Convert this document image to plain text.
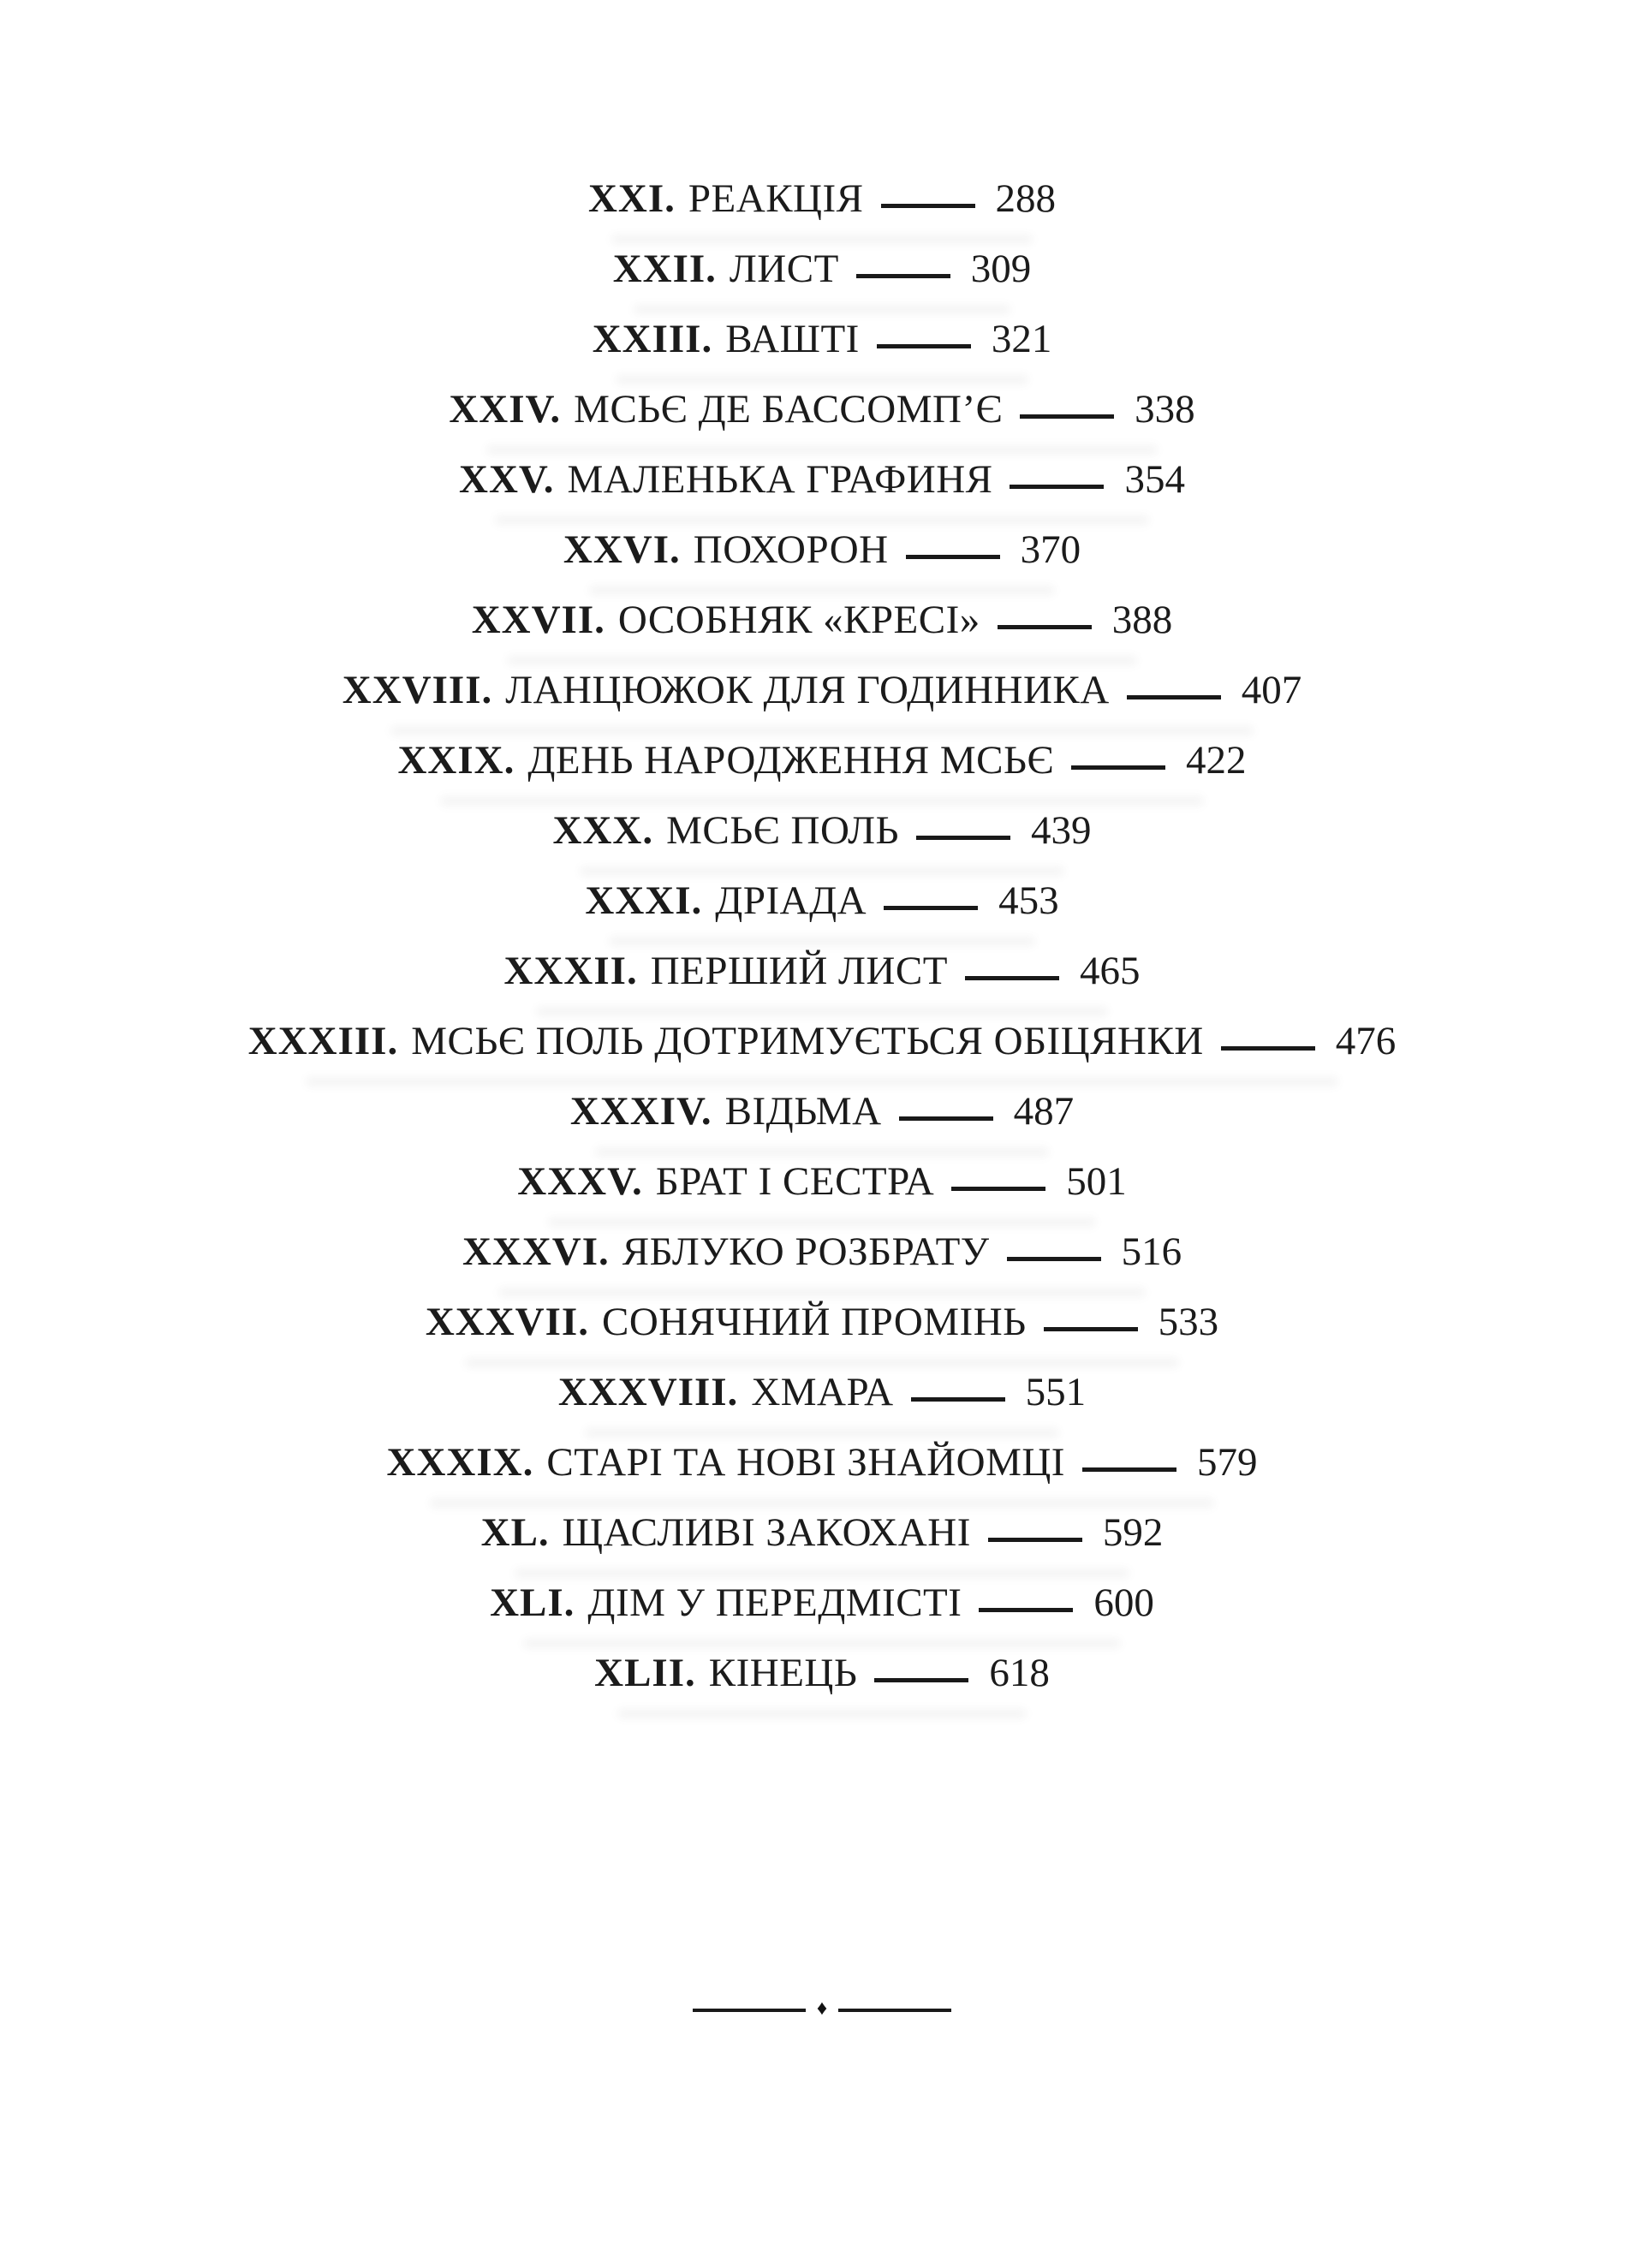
XXI. РЕАКЦІЯ	288
XXII. ЛИСТ	309
XXIII. ВАШТІ	321
XXIV. МСЬЄ ДЕ БАССОМП’Є	338
XXV. МАЛЕНЬКА ГРАФИНЯ	354
XXVI. ПОХОРОН	370
XXVII. ОСОБНЯК «КРЕСІ»	388
XXVIII. ЛАНЦЮЖОК ДЛЯ ГОДИННИКА	407
XXIX. ДЕНЬ НАРОДЖЕННЯ МСЬЄ	422
XXX. МСЬЄ ПОЛЬ	439
XXXI. ДРІАДА	453
XXXII. ПЕРШИЙ ЛИСТ	465
XXXIII. МСЬЄ ПОЛЬ ДОТРИМУЄТЬСЯ ОБІЦЯНКИ	476
XXXIV. ВІДЬМА	487
XXXV. БРАТ І СЕСТРА	501
XXXVI. ЯБЛУКО РОЗБРАТУ	516
XXXVII. СОНЯЧНИЙ ПРОМІНЬ	533
XXXVIII. ХМАРА	551
XXXIX. СТАРІ ТА НОВІ ЗНАЙОМЦІ	579
XL. ЩАСЛИВІ ЗАКОХАНІ	592
XLI. ДІМ У ПЕРЕДМІСТІ	600
XLII. КІНЕЦЬ	618
♦
